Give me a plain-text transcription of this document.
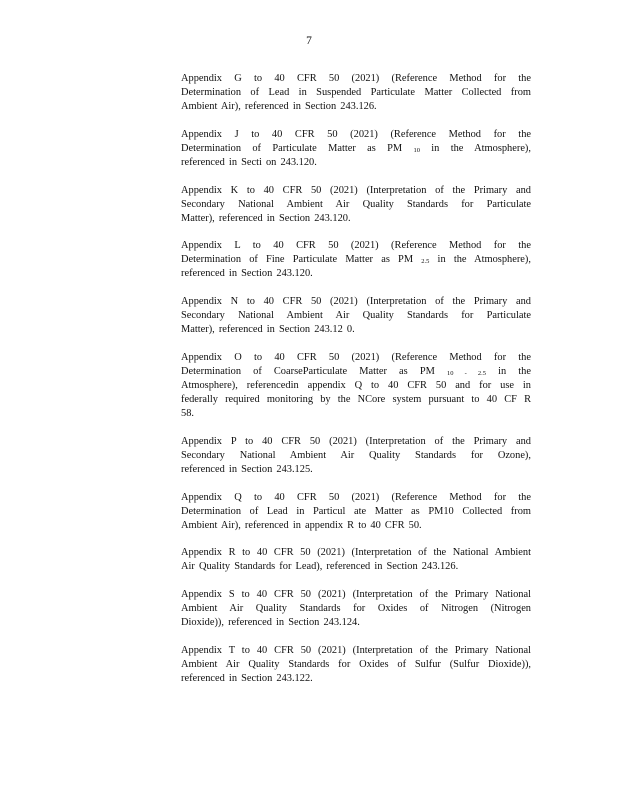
7
Appendix G to 40 CFR 50 (2021) (Reference Method for the
Determination of Lead in Suspended Particulate Matter Collected from
Ambient Air), referenced in Section 243.126.
Appendix J to 40 CFR 50 (2021) (Reference Method for the
Determination of Particulate Matter as PM $_{10}$ in the Atmosphere),
referenced in Secti on 243.120.
Appendix K to 40 CFR 50 (2021) (Interpretation of the Primary and
Secondary National Ambient Air Quality Standards for Particulate
Matter), referenced in Section 243.120.
Appendix L to 40 CFR 50 (2021) (Reference Method for the
Determination of Fine Particulate Matter as PM $_{2.5}$ in the Atmosphere),
referenced in Section 243.120.
Appendix N to 40 CFR 50 (2021) (Interpretation of the Primary and
Secondary National Ambient Air Quality Standards for Particulate
Matter), referenced in Section 243.12 0.
Appendix O to 40 CFR 50 (2021) (Reference Method for the
Determination of CoarseParticulate Matter as PM $_{10 - 2.5}$ in the
Atmosphere), referencedin appendix Q to 40 CFR 50 and for use in
federally required monitoring by the NCore system pursuant to 40 CF R
58.
Appendix P to 40 CFR 50 (2021) (Interpretation of the Primary and
Secondary National Ambient Air Quality Standards for Ozone),
referenced in Section 243.125.
Appendix Q to 40 CFR 50 (2021) (Reference Method for the
Determination of Lead in Particul ate Matter as PM10 Collected from
Ambient Air), referenced in appendix R to 40 CFR 50.
Appendix R to 40 CFR 50 (2021) (Interpretation of the National Ambient
Air Quality Standards for Lead), referenced in Section 243.126.
Appendix S to 40 CFR 50 (2021) (Interpretation of the Primary National
Ambient Air Quality Standards for Oxides of Nitrogen (Nitrogen
Dioxide)), referenced in Section 243.124.
Appendix T to 40 CFR 50 (2021) (Interpretation of the Primary National
Ambient Air Quality Standards for Oxides of Sulfur (Sulfur Dioxide)),
referenced in Section 243.122.
